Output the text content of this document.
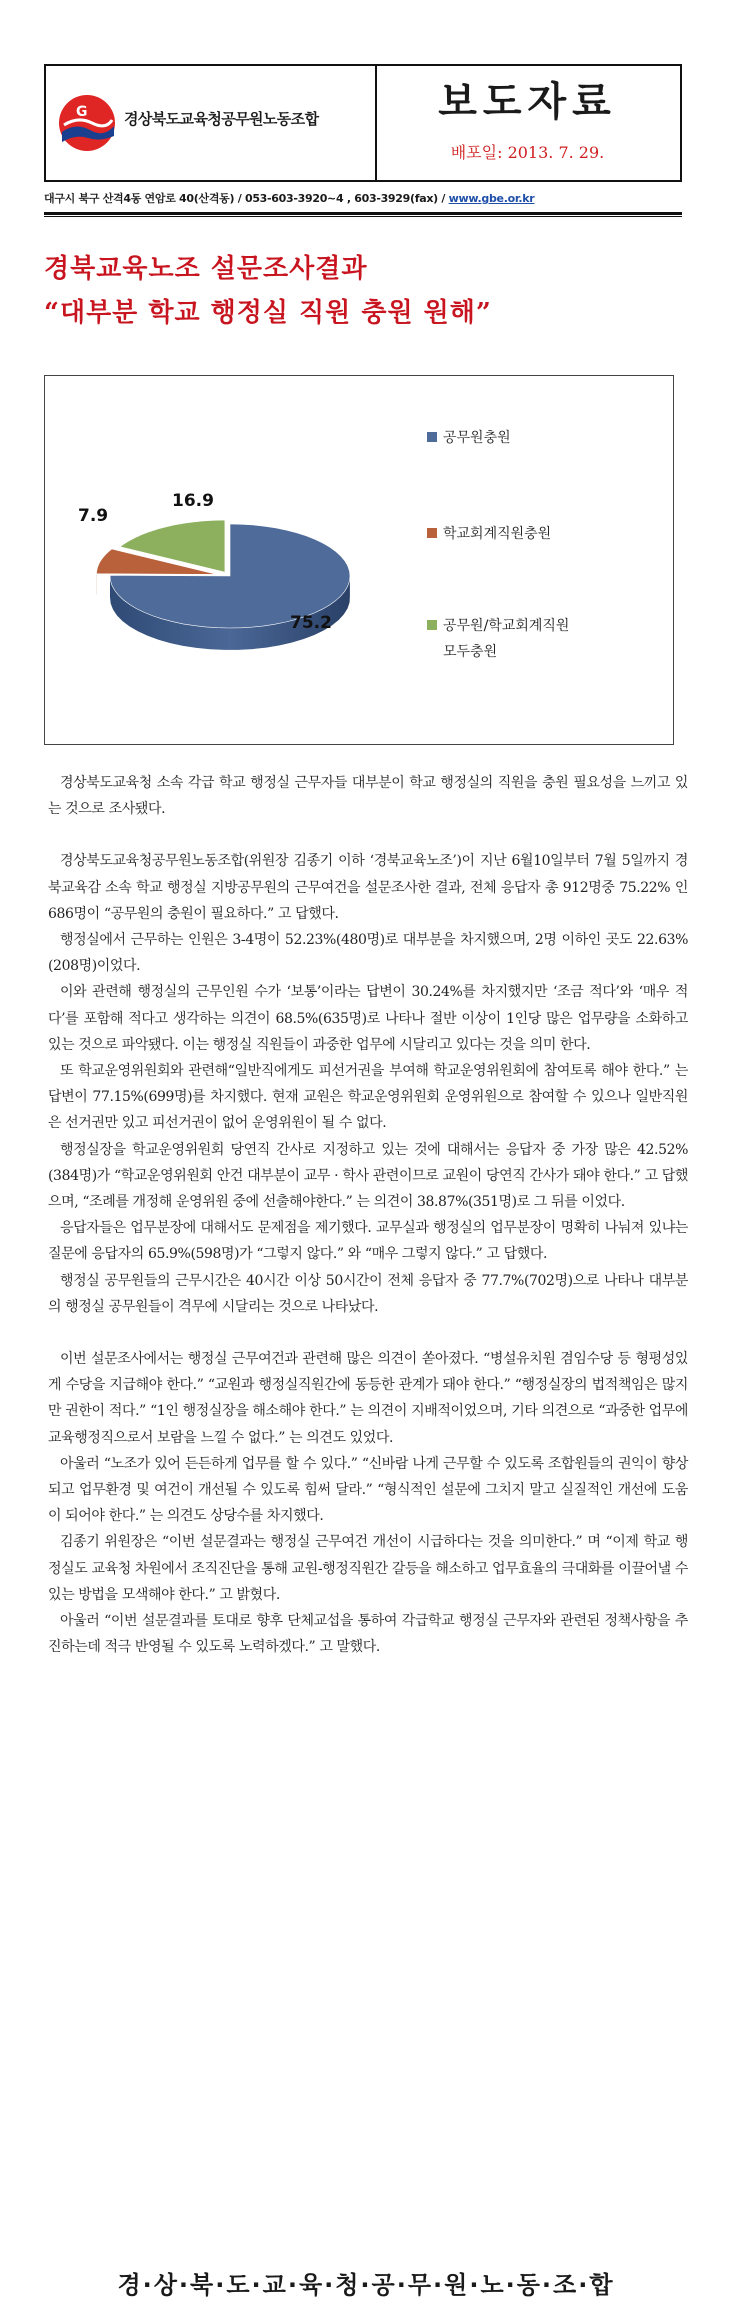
G 경상북도교육청공무원노동조합	보도자료
배포일: 2013. 7. 29.
대구시 북구 산격4동 연암로 40(산격동) / 053-603-3920∼4 , 603-3929(fax) / www.gbe.or.kr
경북교육노조 설문조사결과
“대부분 학교 행정실 직원 충원 원해”
75.2
7.9
16.9
공무원충원
학교회계직원충원
공무원/학교회계직원
모두충원

경상북도교육청 소속 각급 학교 행정실 근무자들 대부분이 학교 행정실의 직원을 충원 필요성을 느끼고 있는 것으로 조사됐다.

경상북도교육청공무원노동조합(위원장 김종기 이하 ‘경북교육노조’)이 지난 6월10일부터 7월 5일까지 경북교육감 소속 학교 행정실 지방공무원의 근무여건을 설문조사한 결과, 전체 응답자 총 912명중 75.22% 인 686명이 “공무원의 충원이 필요하다.” 고 답했다.

행정실에서 근무하는 인원은 3-4명이 52.23%(480명)로 대부분을 차지했으며, 2명 이하인 곳도 22.63%(208명)이었다.

이와 관련해 행정실의 근무인원 수가 ‘보통’이라는 답변이 30.24%를 차지했지만 ‘조금 적다’와 ‘매우 적다’를 포함해 적다고 생각하는 의견이 68.5%(635명)로 나타나 절반 이상이 1인당 많은 업무량을 소화하고 있는 것으로 파악됐다. 이는 행정실 직원들이 과중한 업무에 시달리고 있다는 것을 의미 한다.

또 학교운영위원회와 관련해“일반직에게도 피선거권을 부여해 학교운영위원회에 참여토록 해야 한다.” 는 답변이 77.15%(699명)를 차지했다. 현재 교원은 학교운영위원회 운영위원으로 참여할 수 있으나 일반직원은 선거권만 있고 피선거권이 없어 운영위원이 될 수 없다.

행정실장을 학교운영위원회 당연직 간사로 지정하고 있는 것에 대해서는 응답자 중 가장 많은 42.52%(384명)가 “학교운영위원회 안건 대부분이 교무 · 학사 관련이므로 교원이 당연직 간사가 돼야 한다.” 고 답했으며, “조례를 개정해 운영위원 중에 선출해야한다.” 는 의견이 38.87%(351명)로 그 뒤를 이었다.

응답자들은 업무분장에 대해서도 문제점을 제기했다. 교무실과 행정실의 업무분장이 명확히 나눠져 있냐는 질문에 응답자의 65.9%(598명)가 “그렇지 않다.” 와 “매우 그렇지 않다.” 고 답했다.

행정실 공무원들의 근무시간은 40시간 이상 50시간이 전체 응답자 중 77.7%(702명)으로 나타나 대부분의 행정실 공무원들이 격무에 시달리는 것으로 나타났다.

이번 설문조사에서는 행정실 근무여건과 관련해 많은 의견이 쏟아졌다. “병설유치원 겸임수당 등 형평성있게 수당을 지급해야 한다.” “교원과 행정실직원간에 동등한 관계가 돼야 한다.” “행정실장의 법적책임은 많지만 권한이 적다.” “1인 행정실장을 해소해야 한다.” 는 의견이 지배적이었으며, 기타 의견으로 “과중한 업무에 교육행정직으로서 보람을 느낄 수 없다.” 는 의견도 있었다.

아울러 “노조가 있어 든든하게 업무를 할 수 있다.” “신바람 나게 근무할 수 있도록 조합원들의 권익이 향상되고 업무환경 및 여건이 개선될 수 있도록 힘써 달라.” “형식적인 설문에 그치지 말고 실질적인 개선에 도움이 되어야 한다.” 는 의견도 상당수를 차지했다.

김종기 위원장은 “이번 설문결과는 행정실 근무여건 개선이 시급하다는 것을 의미한다.” 며 “이제 학교 행정실도 교육청 차원에서 조직진단을 통해 교원-행정직원간 갈등을 해소하고 업무효율의 극대화를 이끌어낼 수 있는 방법을 모색해야 한다.” 고 밝혔다.

아울러 “이번 설문결과를 토대로 향후 단체교섭을 통하여 각급학교 행정실 근무자와 관련된 정책사항을 추진하는데 적극 반영될 수 있도록 노력하겠다.” 고 말했다.

경·상·북·도·교·육·청·공·무·원·노·동·조·합
